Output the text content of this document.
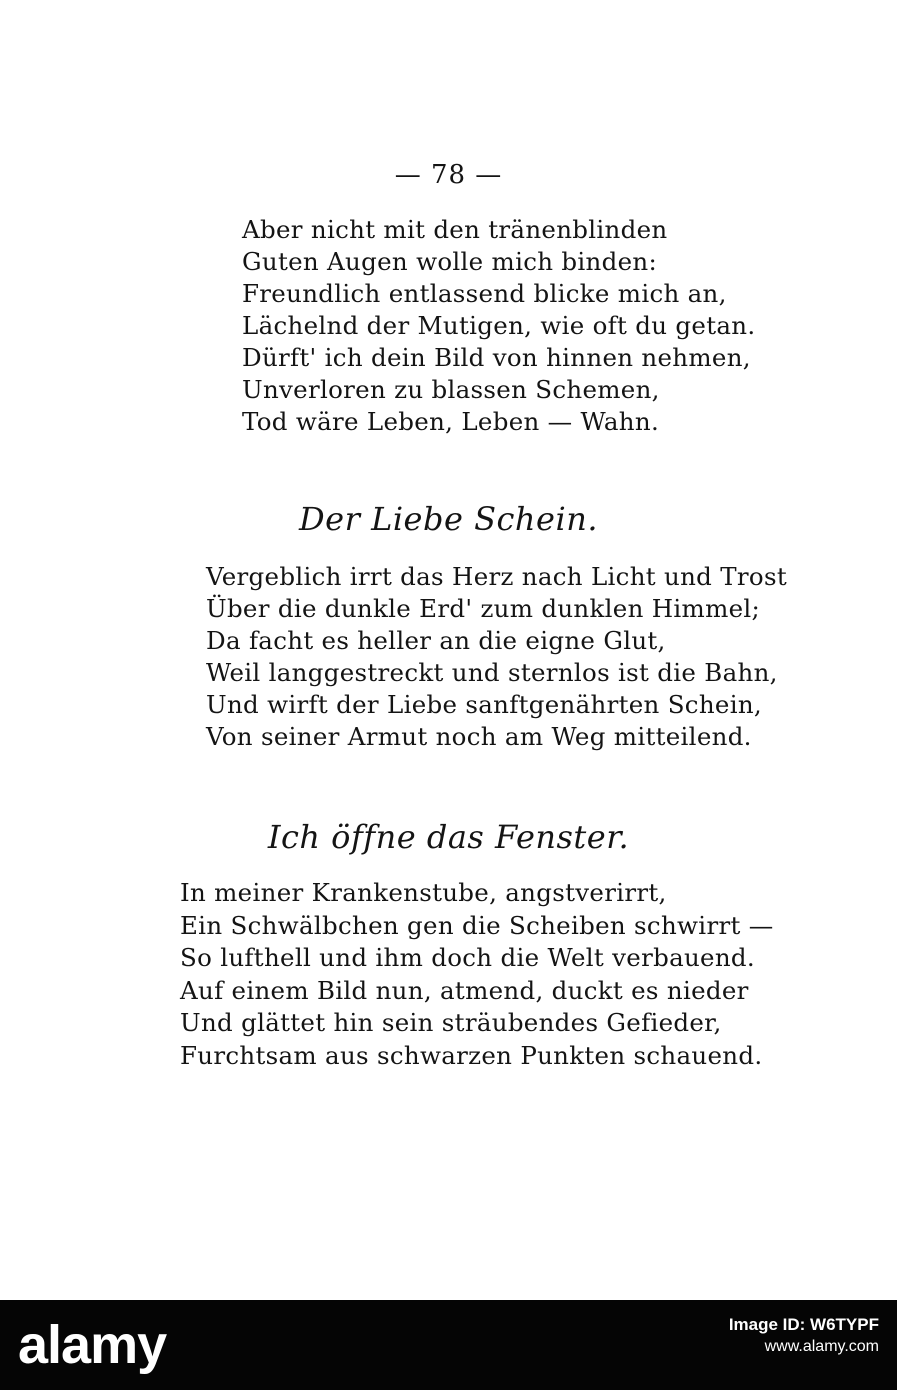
— 78 —
Aber nicht mit den tränenblinden
Guten Augen wolle mich binden:
Freundlich entlassend blicke mich an,
Lächelnd der Mutigen, wie oft du getan.
Dürft' ich dein Bild von hinnen nehmen,
Unverloren zu blassen Schemen,
Tod wäre Leben, Leben — Wahn.
Der Liebe Schein.
Vergeblich irrt das Herz nach Licht und Trost
Über die dunkle Erd' zum dunklen Himmel;
Da facht es heller an die eigne Glut,
Weil langgestreckt und sternlos ist die Bahn,
Und wirft der Liebe sanftgenährten Schein,
Von seiner Armut noch am Weg mitteilend.
Ich öffne das Fenster.
In meiner Krankenstube, angstverirrt,
Ein Schwälbchen gen die Scheiben schwirrt —
So lufthell und ihm doch die Welt verbauend.
Auf einem Bild nun, atmend, duckt es nieder
Und glättet hin sein sträubendes Gefieder,
Furchtsam aus schwarzen Punkten schauend.
alamy	Image ID: W6TYPF
www.alamy.com
